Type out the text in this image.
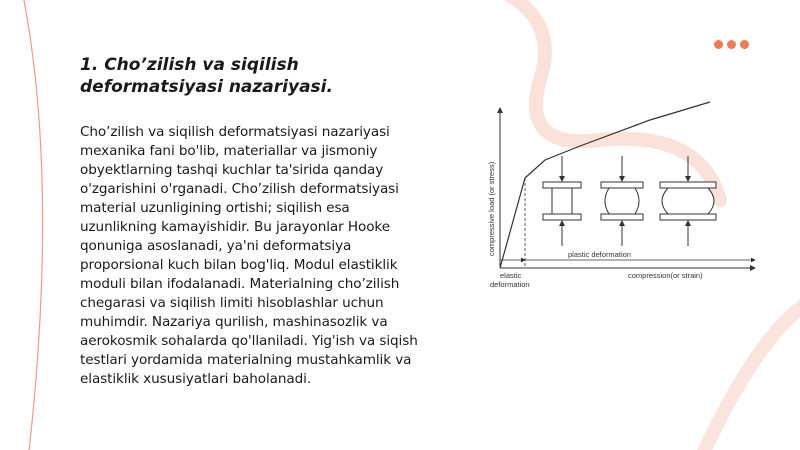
1. Cho’zilish va siqilish deformatsiyasi nazariyasi.

Cho’zilish va siqilish deformatsiyasi nazariyasi mexanika fani bo'lib, materiallar va jismoniy obyektlarning tashqi kuchlar ta'sirida qanday o'zgarishini o'rganadi. Cho’zilish deformatsiyasi material uzunligining ortishi; siqilish esa uzunlikning kamayishidir. Bu jarayonlar Hooke qonuniga asoslanadi, ya'ni deformatsiya proporsional kuch bilan bog'liq. Modul elastiklik moduli bilan ifodalanadi. Materialning cho’zilish chegarasi va siqilish limiti hisoblashlar uchun muhimdir. Nazariya qurilish, mashinasozlik va aerokosmik sohalarda qo'llaniladi. Yig'ish va siqish testlari yordamida materialning mustahkamlik va elastiklik xususiyatlari baholanadi.

compressive load (or stress)	plastic deformation
compression(or strain)
elastic
deformation
